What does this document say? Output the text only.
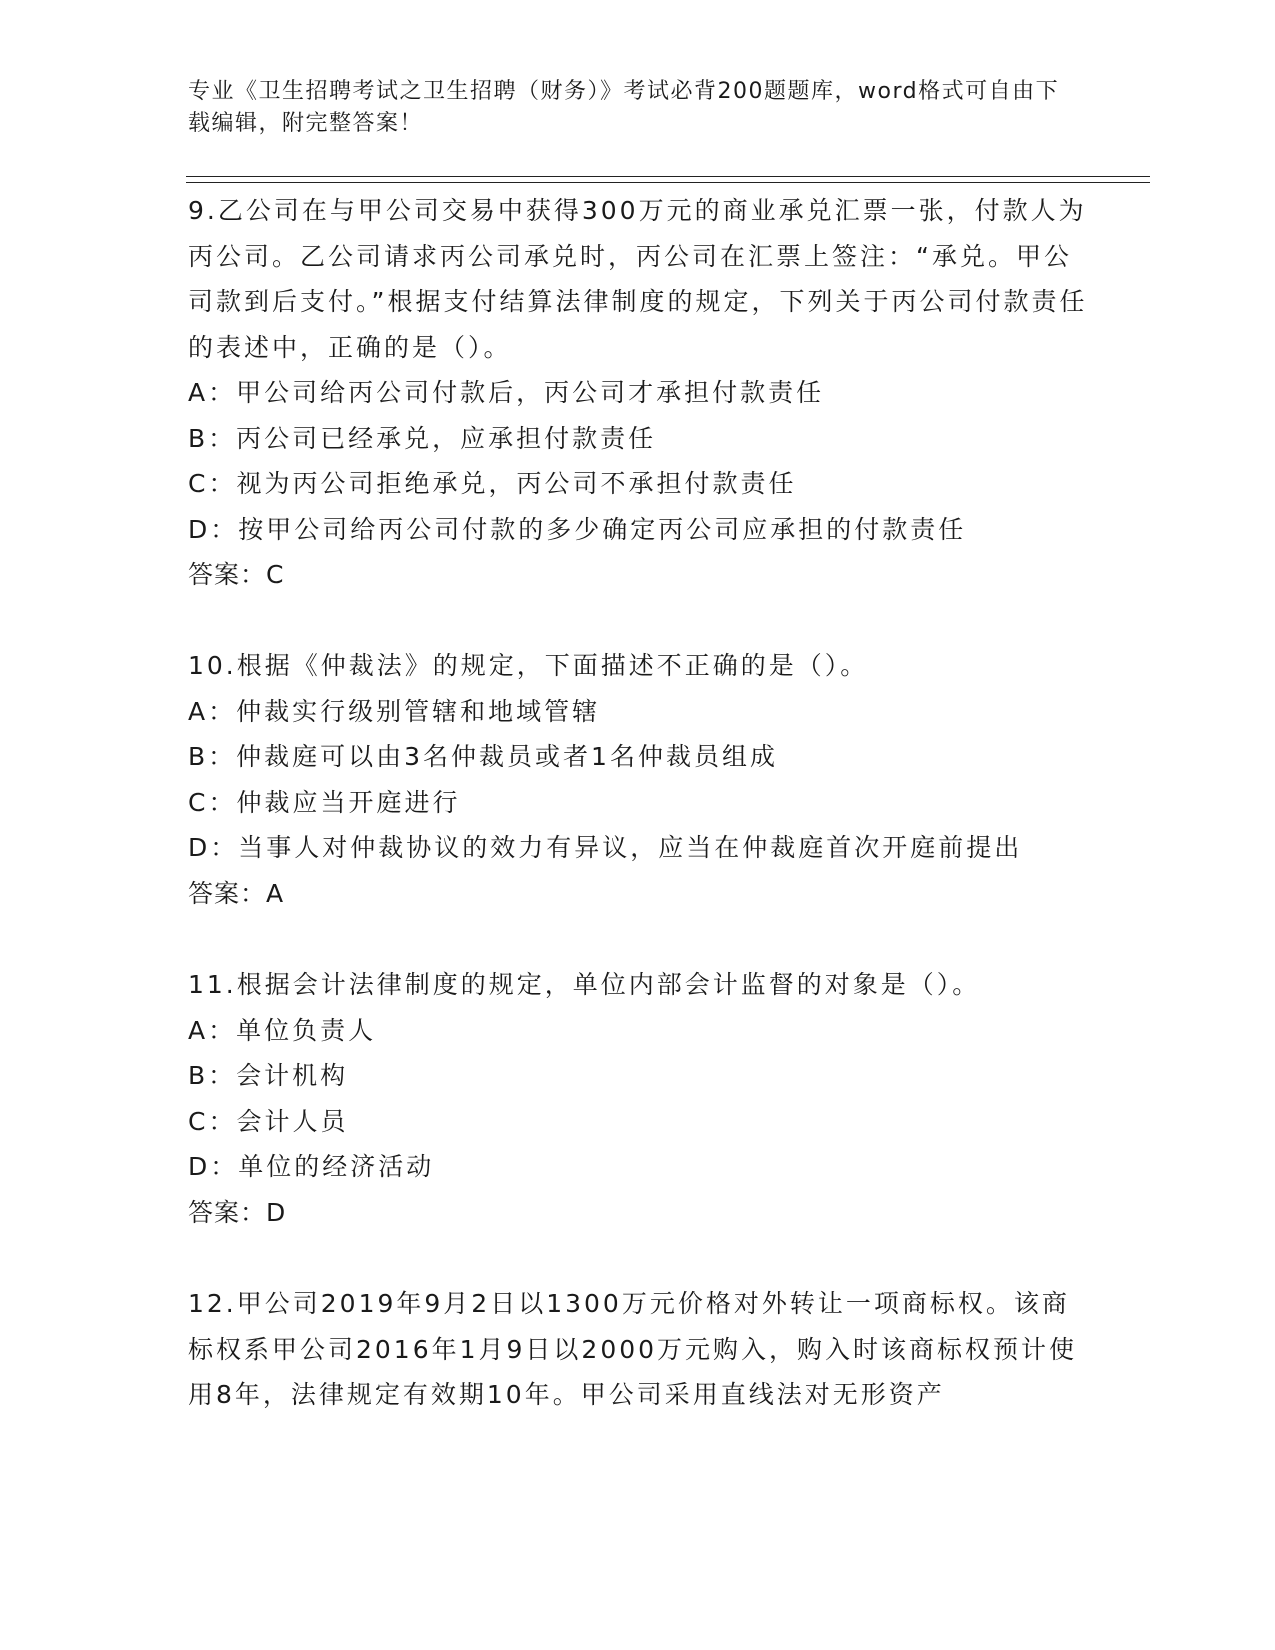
专业《卫生招聘考试之卫生招聘（财务）》考试必背200题题库，word格式可自由下载编辑，附完整答案！

9.乙公司在与甲公司交易中获得300万元的商业承兑汇票一张，付款人为丙公司。乙公司请求丙公司承兑时，丙公司在汇票上签注：“承兑。甲公司款到后支付。”根据支付结算法律制度的规定，下列关于丙公司付款责任的表述中，正确的是（）。

A：甲公司给丙公司付款后，丙公司才承担付款责任
B：丙公司已经承兑，应承担付款责任
C：视为丙公司拒绝承兑，丙公司不承担付款责任
D：按甲公司给丙公司付款的多少确定丙公司应承担的付款责任

答案：C

10.根据《仲裁法》的规定，下面描述不正确的是（）。

A：仲裁实行级别管辖和地域管辖
B：仲裁庭可以由3名仲裁员或者1名仲裁员组成
C：仲裁应当开庭进行
D：当事人对仲裁协议的效力有异议，应当在仲裁庭首次开庭前提出

答案：A

11.根据会计法律制度的规定，单位内部会计监督的对象是（）。

A：单位负责人
B：会计机构
C：会计人员
D：单位的经济活动

答案：D

12.甲公司2019年9月2日以1300万元价格对外转让一项商标权。该商标权系甲公司2016年1月9日以2000万元购入，购入时该商标权预计使用8年，法律规定有效期10年。甲公司采用直线法对无形资产
